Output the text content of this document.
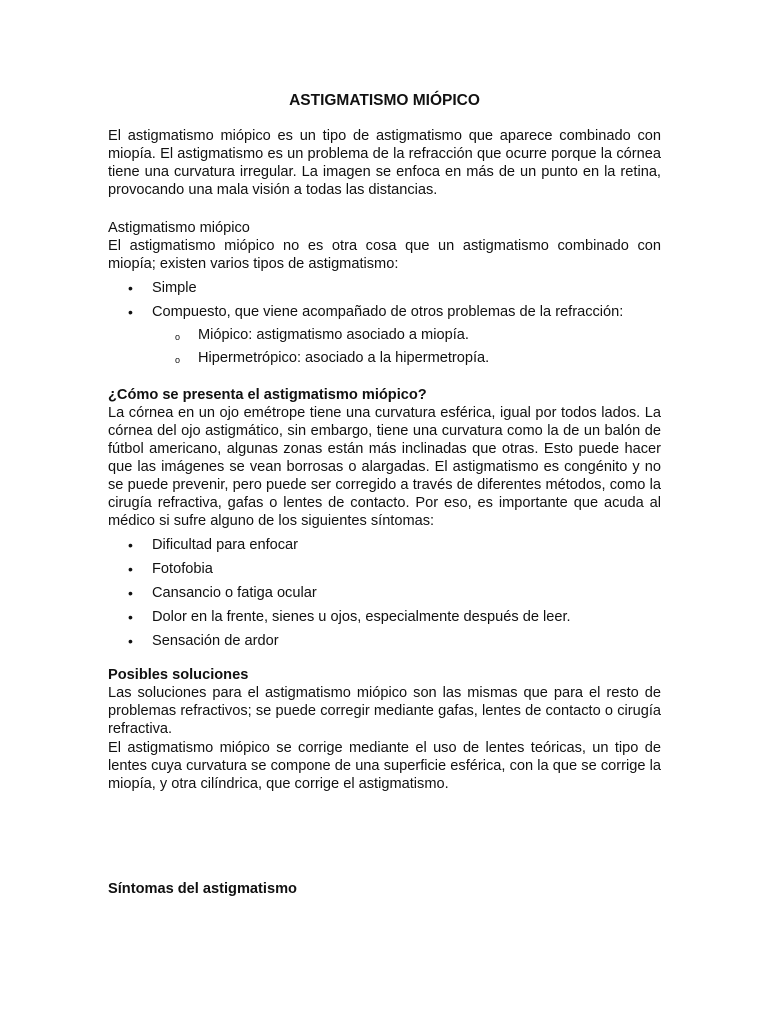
ASTIGMATISMO MIÓPICO
El astigmatismo miópico es un tipo de astigmatismo que aparece combinado con miopía. El astigmatismo es un problema de la refracción que ocurre porque la córnea tiene una curvatura irregular. La imagen se enfoca en más de un punto en la retina, provocando una mala visión a todas las distancias.
Astigmatismo miópico
El astigmatismo miópico no es otra cosa que un astigmatismo combinado con miopía; existen varios tipos de astigmatismo:
• Simple
• Compuesto, que viene acompañado de otros problemas de la refracción:
o Miópico: astigmatismo asociado a miopía.
o Hipermetrópico: asociado a la hipermetropía.
¿Cómo se presenta el astigmatismo miópico?
La córnea en un ojo emétrope tiene una curvatura esférica, igual por todos lados. La córnea del ojo astigmático, sin embargo, tiene una curvatura como la de un balón de fútbol americano, algunas zonas están más inclinadas que otras. Esto puede hacer que las imágenes se vean borrosas o alargadas. El astigmatismo es congénito y no se puede prevenir, pero puede ser corregido a través de diferentes métodos, como la cirugía refractiva, gafas o lentes de contacto. Por eso, es importante que acuda al médico si sufre alguno de los siguientes síntomas:
• Dificultad para enfocar
• Fotofobia
• Cansancio o fatiga ocular
• Dolor en la frente, sienes u ojos, especialmente después de leer.
• Sensación de ardor
Posibles soluciones
Las soluciones para el astigmatismo miópico son las mismas que para el resto de problemas refractivos; se puede corregir mediante gafas, lentes de contacto o cirugía refractiva.
El astigmatismo miópico se corrige mediante el uso de lentes teóricas, un tipo de lentes cuya curvatura se compone de una superficie esférica, con la que se corrige la miopía, y otra cilíndrica, que corrige el astigmatismo.
Síntomas del astigmatismo
